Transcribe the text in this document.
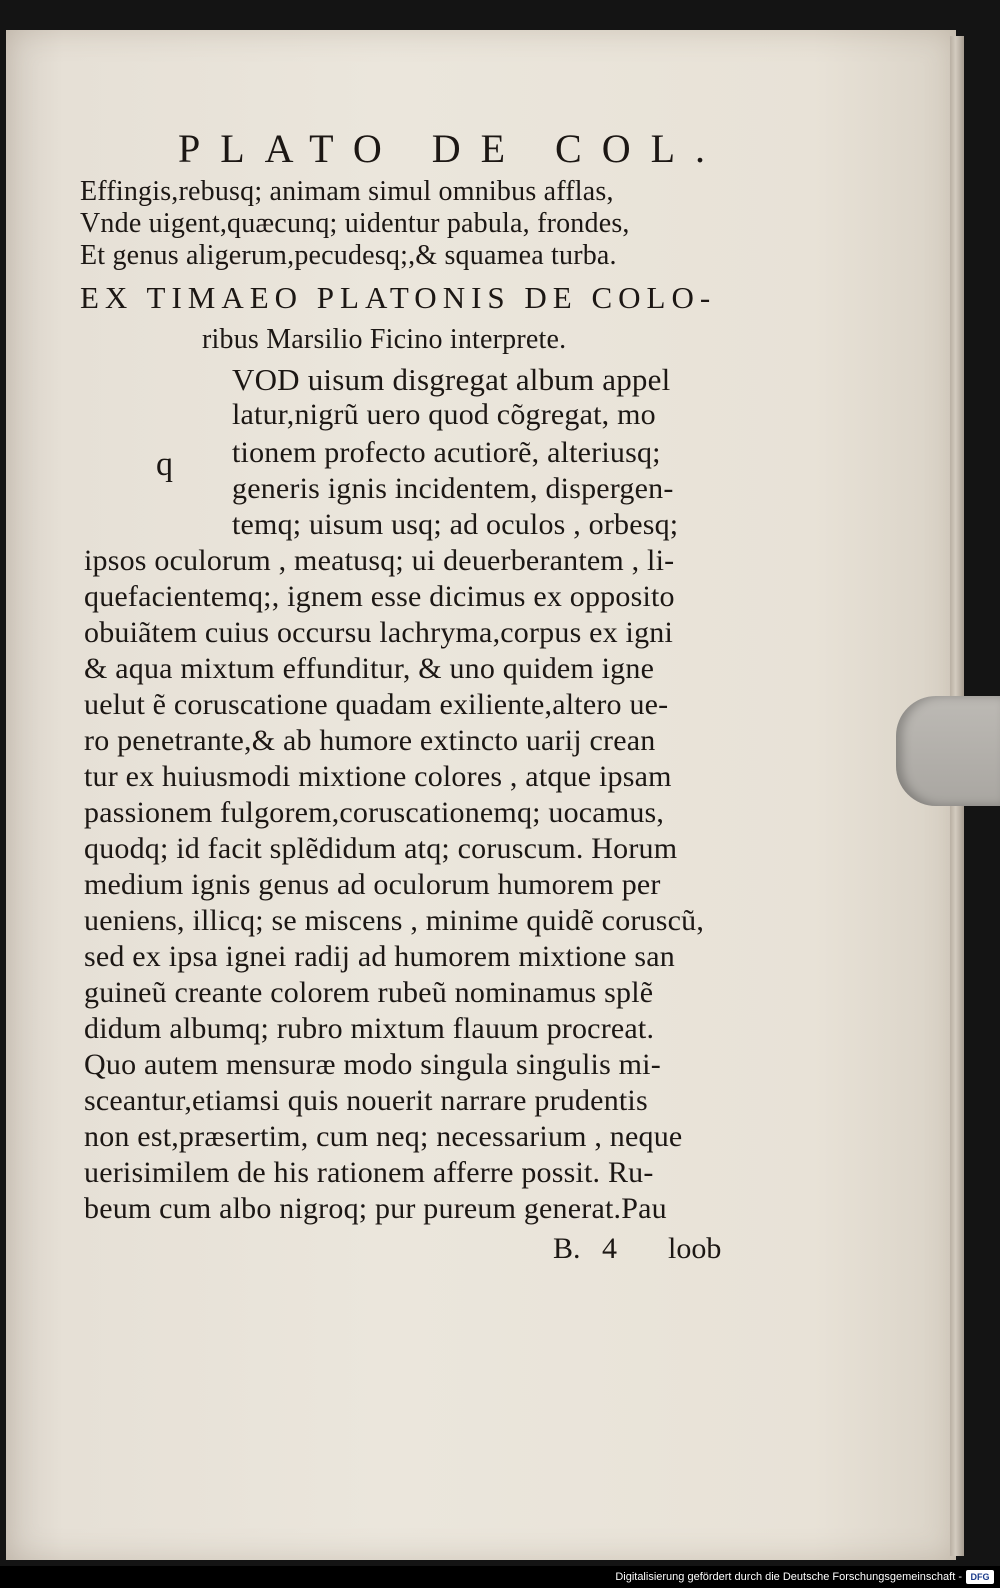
PLATO DE COL.
Effingis,rebusq; animam simul omnibus afflas,
Vnde uigent,quæcunq; uidentur pabula, frondes,
Et genus aligerum,pecudesq;,& squamea turba.
EX TIMAEO PLATONIS DE COLO-
ribus Marsilio Ficino interprete.
q
VOD uisum disgregat album appel
latur,nigrũ uero quod cõgregat, mo
tionem profecto acutiorẽ, alteriusq;
generis ignis incidentem, dispergen-
temq; uisum usq; ad oculos , orbesq;
ipsos oculorum , meatusq; ui deuerberantem , li-
quefacientemq;, ignem esse dicimus ex opposito
obuiãtem cuius occursu lachryma,corpus ex igni
& aqua mixtum effunditur, & uno quidem igne
uelut ẽ coruscatione quadam exiliente,altero ue-
ro penetrante,& ab humore extincto uarij crean
tur ex huiusmodi mixtione colores , atque ipsam
passionem fulgorem,coruscationemq; uocamus,
quodq; id facit splẽdidum atq; coruscum. Horum
medium ignis genus ad oculorum humorem per
ueniens, illicq; se miscens , minime quidẽ coruscũ,
sed ex ipsa ignei radij ad humorem mixtione san
guineũ creante colorem rubeũ nominamus splẽ
didum albumq; rubro mixtum flauum procreat.
Quo autem mensuræ modo singula singulis mi-
sceantur,etiamsi quis nouerit narrare prudentis
non est,præsertim, cum neq; necessarium , neque
uerisimilem de his rationem afferre possit. Ru-
beum cum albo nigroq; pur pureum generat.Pau
B. 4 loob
Digitalisierung gefördert durch die Deutsche Forschungsgemeinschaft - DFG
